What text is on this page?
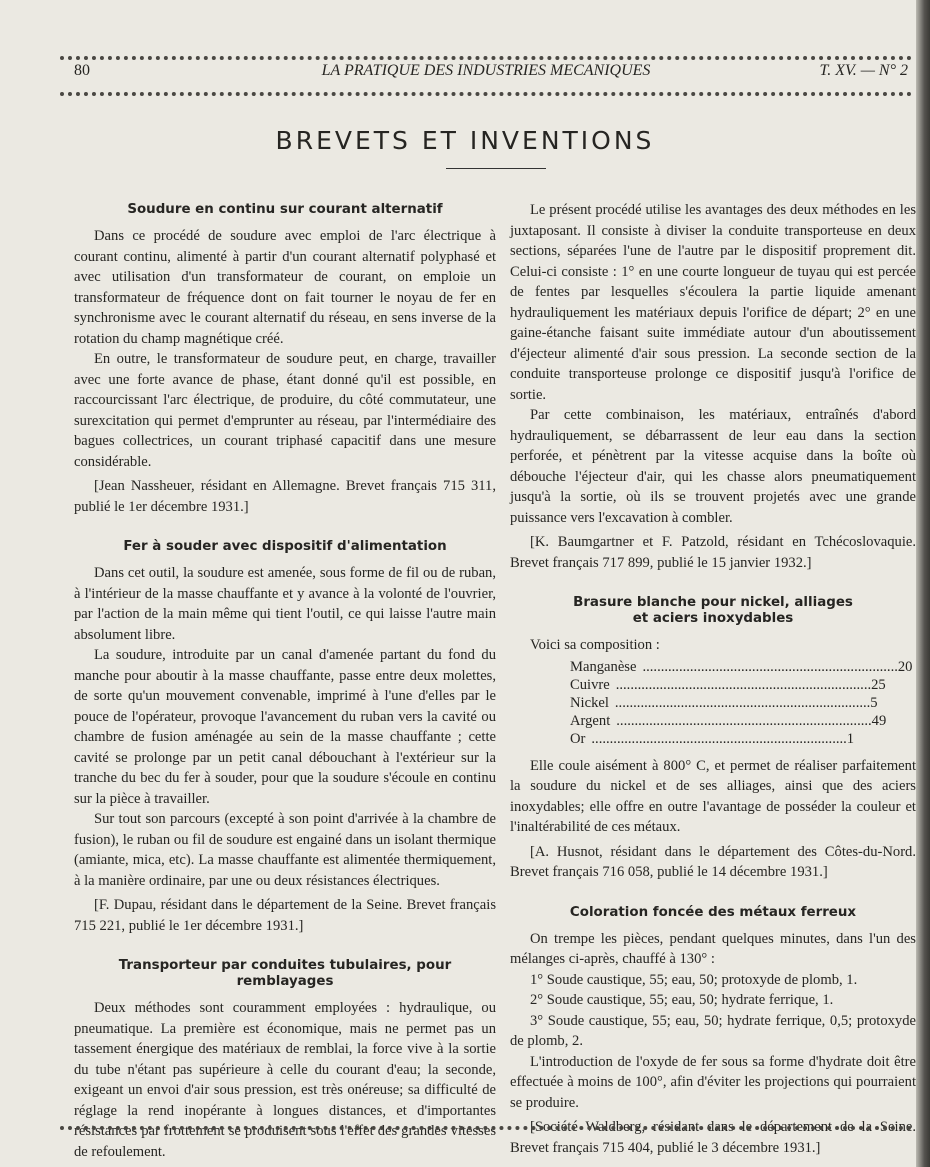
80	LA PRATIQUE DES INDUSTRIES MECANIQUES	T. XV. — N° 2
BREVETS ET INVENTIONS
Soudure en continu sur courant alternatif

Dans ce procédé de soudure avec emploi de l'arc électrique à courant continu, alimenté à partir d'un courant alternatif polyphasé et avec utilisation d'un transformateur de courant, on emploie un transformateur de fréquence dont on fait tourner le noyau de fer en synchronisme avec le courant alternatif du réseau, en sens inverse de la rotation du champ magnétique créé.

En outre, le transformateur de soudure peut, en charge, travailler avec une forte avance de phase, étant donné qu'il est possible, en raccourcissant l'arc électrique, de produire, du côté commutateur, une surexcitation qui permet d'emprunter au réseau, par l'intermédiaire des bagues collectrices, un courant triphasé capacitif dans une mesure considérable.

[Jean Nassheuer, résidant en Allemagne. Brevet français 715 311, publié le 1er décembre 1931.]

Fer à souder avec dispositif d'alimentation

Dans cet outil, la soudure est amenée, sous forme de fil ou de ruban, à l'intérieur de la masse chauffante et y avance à la volonté de l'ouvrier, par l'action de la main même qui tient l'outil, ce qui laisse l'autre main absolument libre.

La soudure, introduite par un canal d'amenée partant du fond du manche pour aboutir à la masse chauffante, passe entre deux molettes, de sorte qu'un mouvement convenable, imprimé à l'une d'elles par le pouce de l'opérateur, provoque l'avancement du ruban vers la cavité ou chambre de fusion aménagée au sein de la masse chauffante ; cette cavité se prolonge par un petit canal débouchant à l'extérieur sur la tranche du bec du fer à souder, pour que la soudure s'écoule en continu sur la pièce à travailler.

Sur tout son parcours (excepté à son point d'arrivée à la chambre de fusion), le ruban ou fil de soudure est engainé dans un isolant thermique (amiante, mica, etc). La masse chauffante est alimentée thermiquement, à la manière ordinaire, par une ou deux résistances électriques.

[F. Dupau, résidant dans le département de la Seine. Brevet français 715 221, publié le 1er décembre 1931.]

Transporteur par conduites tubulaires, pour remblayages

Deux méthodes sont couramment employées : hydraulique, ou pneumatique. La première est économique, mais ne permet pas un tassement énergique des matériaux de remblai, la force vive à la sortie du tube n'étant pas supérieure à celle du courant d'eau; la seconde, exigeant un envoi d'air sous pression, est très onéreuse; sa difficulté de réglage la rend inopérante à longues distances, et d'importantes résistances par frottement se produisent sous l'effet des grandes vitesses de refoulement.

Le présent procédé utilise les avantages des deux méthodes en les juxtaposant. Il consiste à diviser la conduite transporteuse en deux sections, séparées l'une de l'autre par le dispositif proprement dit. Celui-ci consiste : 1° en une courte longueur de tuyau qui est percée de fentes par lesquelles s'écoulera la partie liquide amenant hydrauliquement les matériaux depuis l'orifice de départ; 2° en une gaine-étanche faisant suite immédiate autour d'un aboutissement d'éjecteur alimenté d'air sous pression. La seconde section de la conduite transporteuse prolonge ce dispositif jusqu'à l'orifice de sortie.

Par cette combinaison, les matériaux, entraînés d'abord hydrauliquement, se débarrassent de leur eau dans la section perforée, et pénètrent par la vitesse acquise dans la boîte où débouche l'éjecteur d'air, qui les chasse alors pneumatiquement jusqu'à la sortie, où ils se trouvent projetés avec une grande puissance vers l'excavation à combler.

[K. Baumgartner et F. Patzold, résidant en Tchécoslovaquie. Brevet français 717 899, publié le 15 janvier 1932.]

Brasure blanche pour nickel, alliages
et aciers inoxydables

Voici sa composition :

Manganèse .....	20
Cuivre .....	25
Nickel .....	5
Argent .....	49
Or .....	1

Elle coule aisément à 800° C, et permet de réaliser parfaitement la soudure du nickel et de ses alliages, ainsi que des aciers inoxydables; elle offre en outre l'avantage de posséder la couleur et l'inaltérabilité de ces métaux.

[A. Husnot, résidant dans le département des Côtes-du-Nord. Brevet français 716 058, publié le 14 décembre 1931.]

Coloration foncée des métaux ferreux

On trempe les pièces, pendant quelques minutes, dans l'un des mélanges ci-après, chauffé à 130° :

1° Soude caustique, 55; eau, 50; protoxyde de plomb, 1.

2° Soude caustique, 55; eau, 50; hydrate ferrique, 1.

3° Soude caustique, 55; eau, 50; hydrate ferrique, 0,5; protoxyde de plomb, 2.

L'introduction de l'oxyde de fer sous sa forme d'hydrate doit être effectuée à moins de 100°, afin d'éviter les projections qui pourraient se produire.

[Société Waldberg, résidant dans le département de la Seine. Brevet français 715 404, publié le 3 décembre 1931.]
